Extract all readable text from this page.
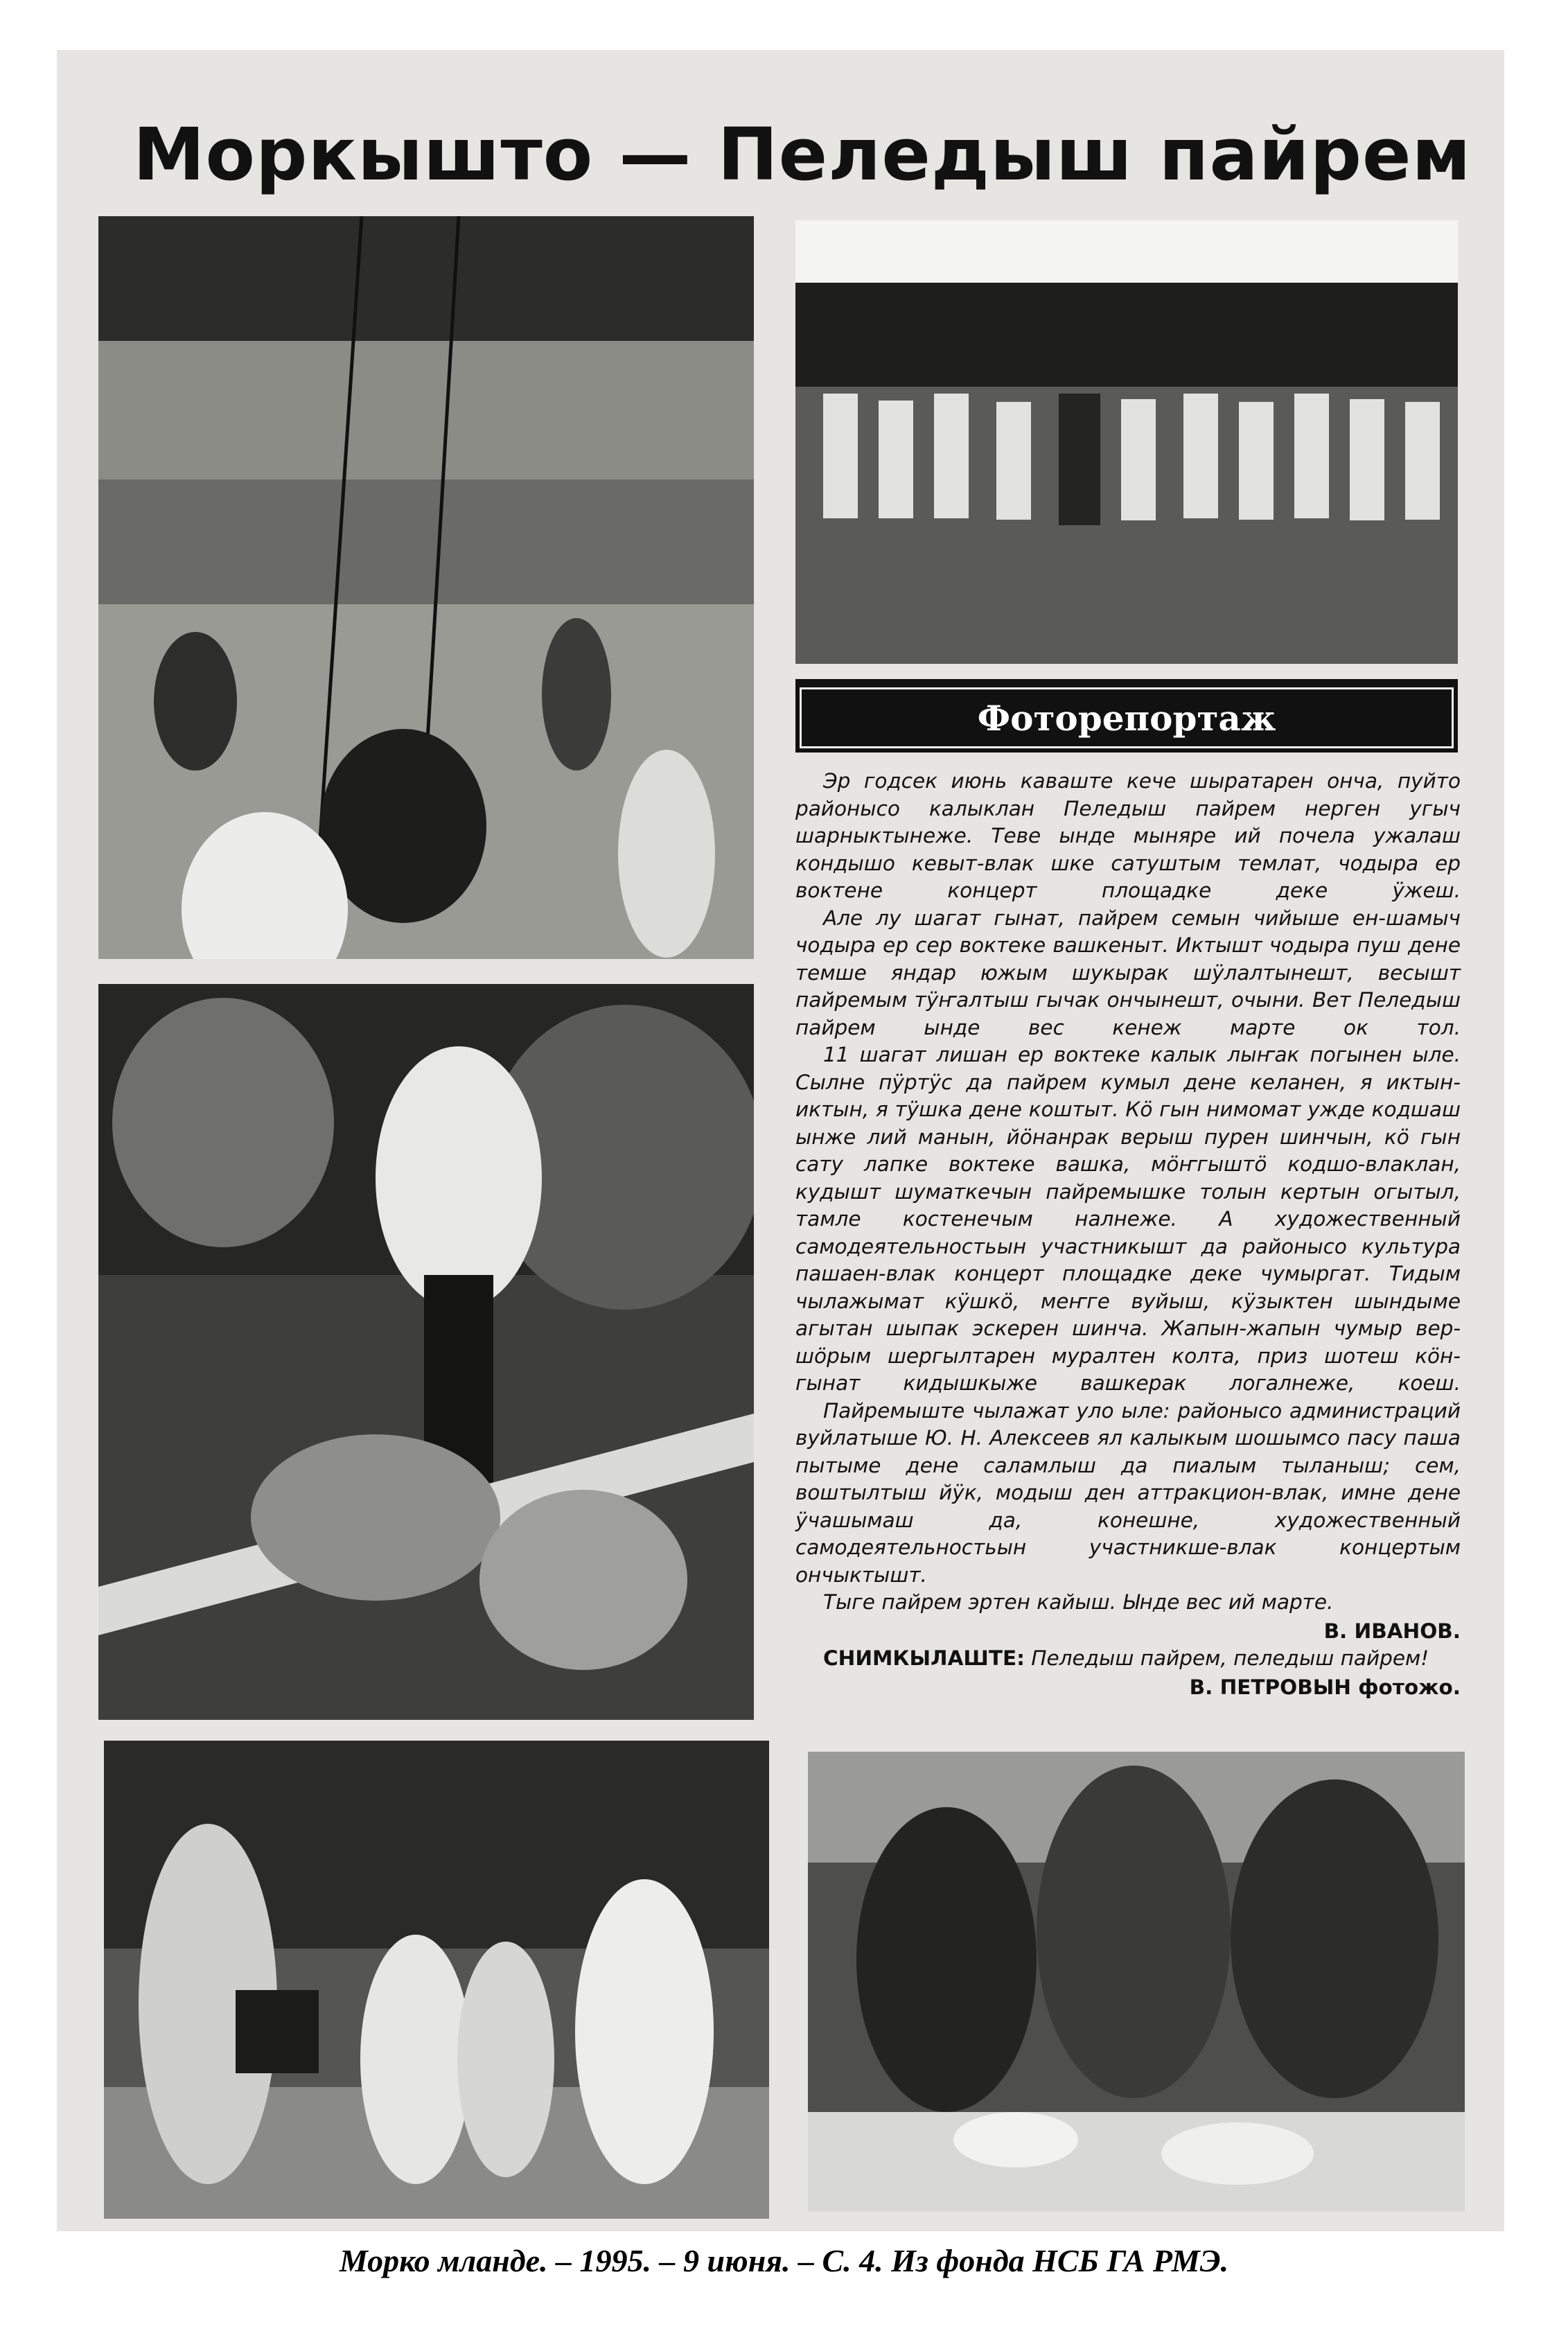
Моркышто — Пеледыш пайрем
Фоторепортаж

Эр годсек июнь каваште кече шыратарен онча, пуйто районысо калыклан Пеледыш пайрем нерген угыч шарныктынеже. Теве ынде мыняре ий почела ужалаш кондышо кевыт-влак шке сатуштым темлат, чодыра ер воктене концерт площадке деке ӱжеш.

Але лу шагат гынат, пайрем семын чийыше ен-шамыч чодыра ер сер воктеке вашкеныт. Иктышт чодыра пуш дене темше яндар южым шукырак шӱлалтынешт, весышт пайремым тӱҥалтыш гычак ончынешт, очыни. Вет Пеледыш пайрем ынде вес кенеж марте ок тол.

11 шагат лишан ер воктеке калык лыҥак погынен ыле. Сылне пӱртӱс да пайрем кумыл дене келанен, я иктын-иктын, я тӱшка дене коштыт. Кӧ гын нимомат ужде кодшаш ынже лий манын, йӧнанрак верыш пурен шинчын, кӧ гын сату лапке воктеке вашка, мӧҥгыштӧ кодшо-влаклан, кудышт шуматкечын пайремышке толын кертын огытыл, тамле костенечым налнежe. А художественный самодеятельностьын участникышт да районысо культура пашаен-влак концерт площадке деке чумыргат. Тидым чылажымат кӱшкӧ, меҥге вуйыш, кӱзыктен шындыме агытан шыпак эскерен шинча. Жапын-жапын чумыр вер-шӧрым шергылтарен муралтен колта, приз шотеш кӧн-гынат кидышкыже вашкерак логалнеже, коеш.

Пайремыште чылажат уло ыле: районысо администраций вуйлатыше Ю. Н. Алексеев ял калыкым шошымсо пасу паша пытыме дене саламлыш да пиалым тыланыш; сем, воштылтыш йӱк, модыш ден аттракцион-влак, имне дене ӱчашымаш да, конешне, художественный самодеятельностьын участникше-влак концертым ончыктышт.

Тыге пайрем эртен кайыш. Ынде вес ий марте.

В. ИВАНОВ.

СНИМКЫЛАШТЕ: Пеледыш пайрем, пеледыш пайрем!

В. ПЕТРОВЫН фотожо.
Морко мланде. – 1995. – 9 июня. – С. 4. Из фонда НСБ ГА РМЭ.
